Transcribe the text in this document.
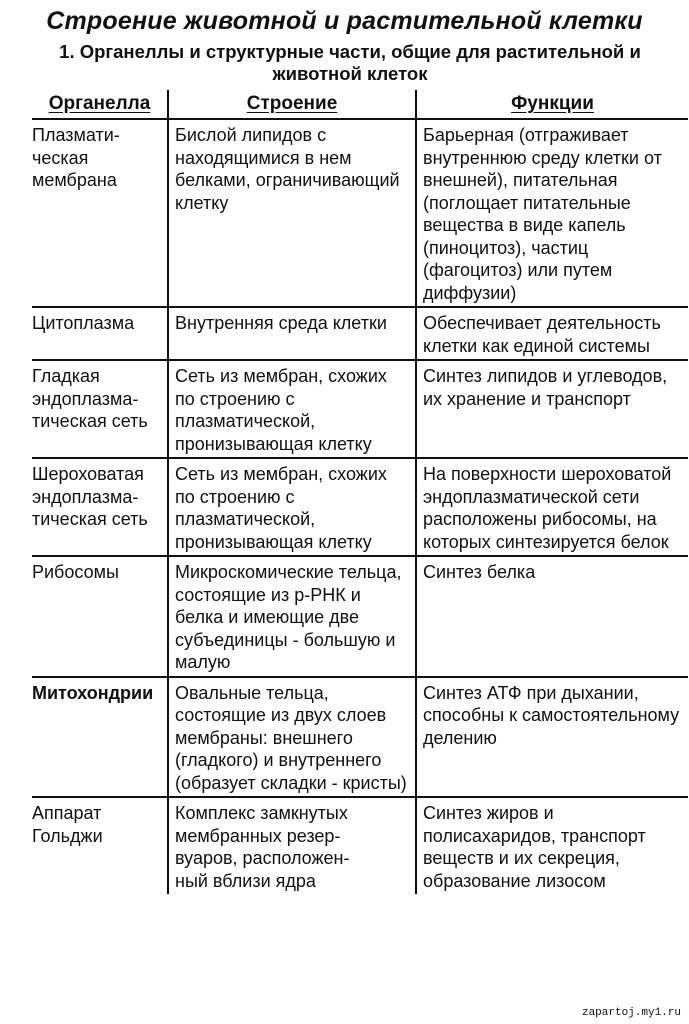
Строение животной и растительной клетки
1. Органеллы и структурные части, общие для растительной и животной клеток
Органелла	Строение	Функции
Плазмати-
ческая
мембрана	Бислой липидов с находящимися в нем белками, ограничивающий клетку	Барьерная (отграживает внутреннюю среду клетки от внешней), питательная (поглощает питательные вещества в виде капель (пиноцитоз), частиц (фагоцитоз) или путем диффузии)
Цитоплазма	Внутренняя среда клетки	Обеспечивает деятельность клетки как единой системы
Гладкая
эндоплазма-
тическая сеть	Сеть из мембран, схожих по строению с плазматической, пронизывающая клетку	Синтез липидов и углеводов, их хранение и транспорт
Шероховатая
эндоплазма-
тическая сеть	Сеть из мембран, схожих по строению с плазматической, пронизывающая клетку	На поверхности шероховатой эндоплазматической сети расположены рибосомы, на которых синтезируется белок
Рибосомы	Микроскомические тельца, состоящие из р-РНК и белка и имеющие две субъединицы - большую и малую	Синтез белка
Митохондрии	Овальные тельца, состоящие из двух слоев мембраны: внешнего (гладкого) и внутреннего (образует складки - кристы)	Синтез АТФ при дыхании, способны к самостоятельному делению
Аппарат
Гольджи	Комплекс замкнутых мембранных резер-
вуаров, расположен-
ный вблизи ядра	Синтез жиров и полисахаридов, транспорт веществ и их секреция, образование лизосом
zapartoj.my1.ru
